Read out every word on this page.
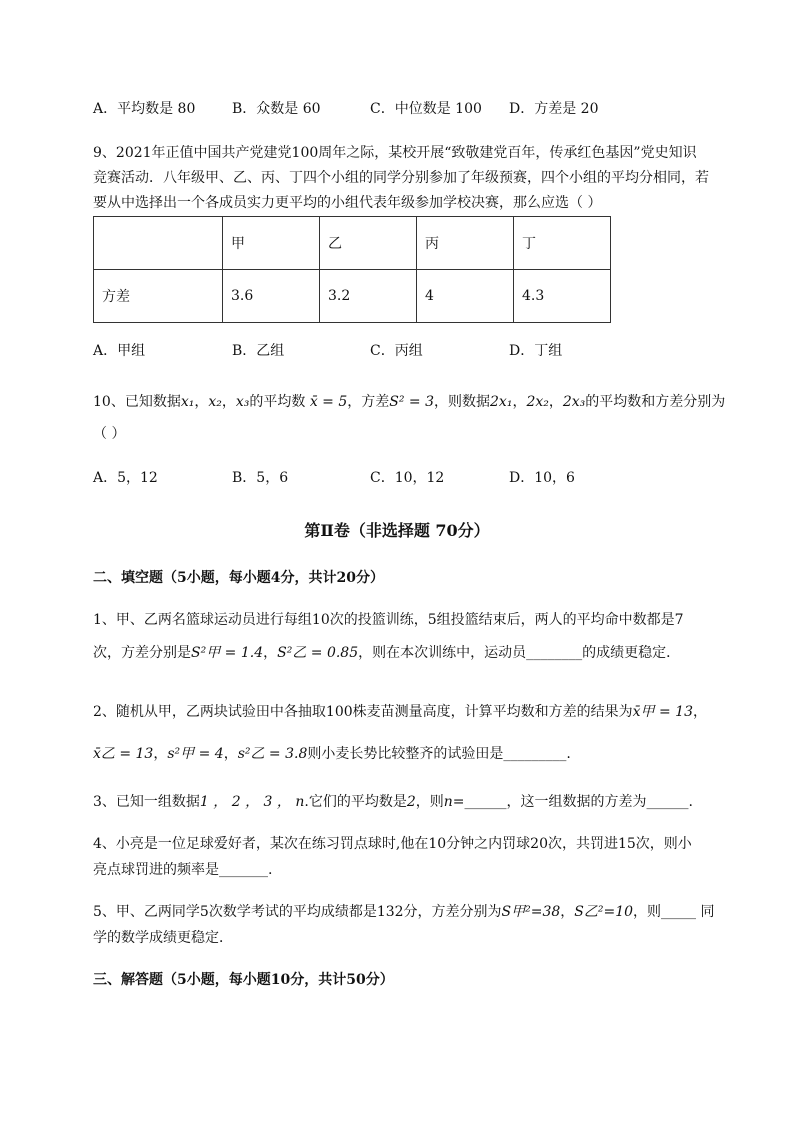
A．平均数是 80	B．众数是 60	C．中位数是 100 D．方差是 20
9、2021年正值中国共产党建党100周年之际，某校开展“致敬建党百年，传承红色基因”党史知识
竞赛活动．八年级甲、乙、丙、丁四个小组的同学分别参加了年级预赛，四个小组的平均分相同，若
要从中选择出一个各成员实力更平均的小组代表年级参加学校决赛，那么应选（ ）
	甲	乙	丙	丁
方差	3.6	3.2	4	4.3
A．甲组	B．乙组	C．丙组	D．丁组
10、已知数据x₁，x₂，x₃的平均数 x̄ = 5，方差S² = 3，则数据2x₁，2x₂，2x₃的平均数和方差分别为
（ ）
A．5，12	B．5，6	C．10，12	D．10，6
第Ⅱ卷（非选择题 70分）
二、填空题（5小题，每小题4分，共计20分）
1、甲、乙两名篮球运动员进行每组10次的投篮训练，5组投篮结束后，两人的平均命中数都是7
次，方差分别是S²甲 = 1.4，S²乙 = 0.85，则在本次训练中，运动员________的成绩更稳定．
2、随机从甲，乙两块试验田中各抽取100株麦苗测量高度，计算平均数和方差的结果为x̄甲 = 13，
x̄乙 = 13，s²甲 = 4，s²乙 = 3.8则小麦长势比较整齐的试验田是_________.
3、已知一组数据1 ， 2 ， 3 ， n.它们的平均数是2，则n=______，这一组数据的方差为______.
4、小亮是一位足球爱好者，某次在练习罚点球时,他在10分钟之内罚球20次，共罚进15次，则小
亮点球罚进的频率是_______.
5、甲、乙两同学5次数学考试的平均成绩都是132分，方差分别为S甲²=38，S乙²=10，则_____ 同
学的数学成绩更稳定．
三、解答题（5小题，每小题10分，共计50分）
